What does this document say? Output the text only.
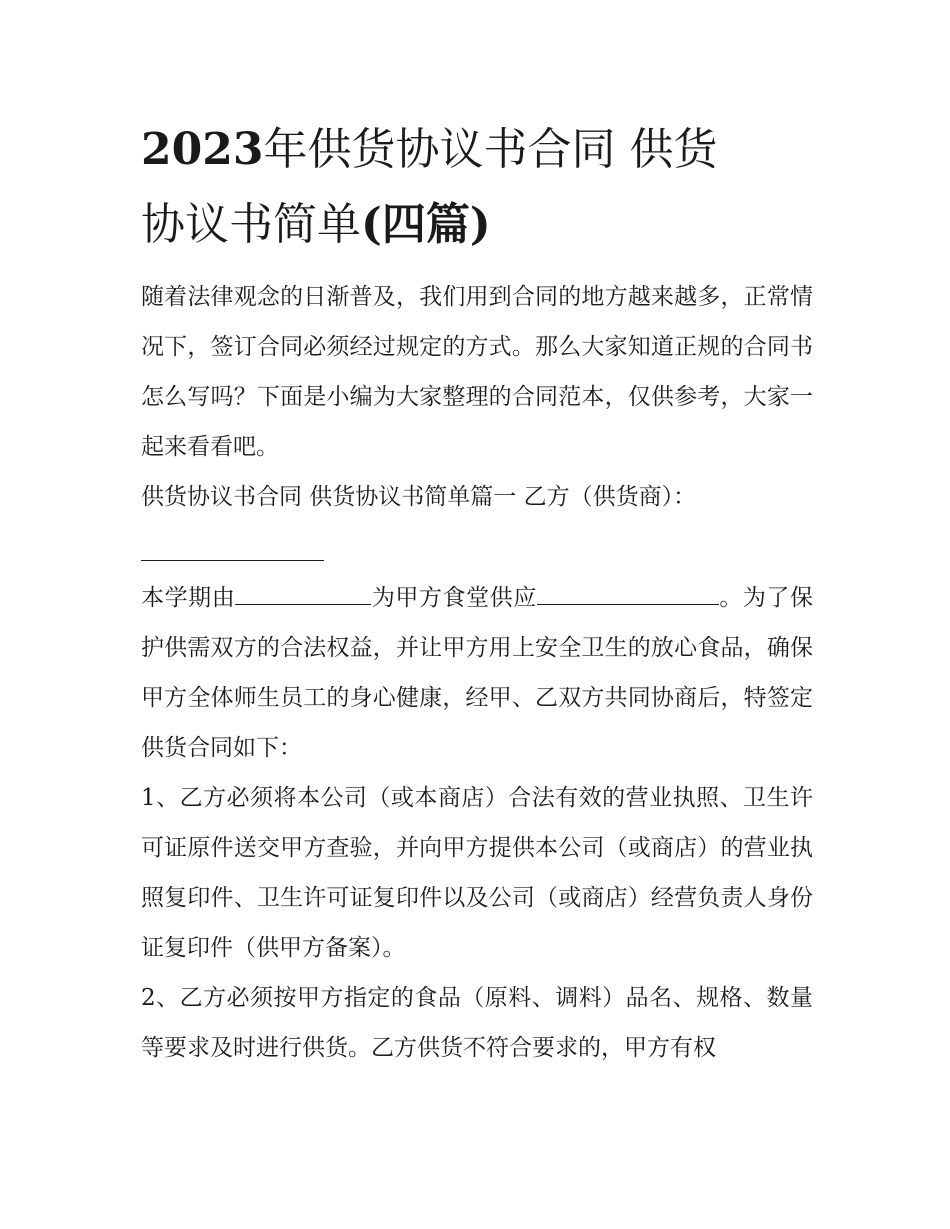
2023年供货协议书合同 供货
协议书简单(四篇)

随着法律观念的日渐普及，我们用到合同的地方越来越多，正常情况下，签订合同必须经过规定的方式。那么大家知道正规的合同书怎么写吗？下面是小编为大家整理的合同范本，仅供参考，大家一起来看看吧。

供货协议书合同 供货协议书简单篇一 乙方（供货商）：

本学期由	为甲方食堂供应	。为了保护供需双方的合法权益，并让甲方用上安全卫生的放心食品，确保甲方全体师生员工的身心健康，经甲、乙双方共同协商后，特签定供货合同如下：

1、乙方必须将本公司（或本商店）合法有效的营业执照、卫生许可证原件送交甲方查验，并向甲方提供本公司（或商店）的营业执照复印件、卫生许可证复印件以及公司（或商店）经营负责人身份证复印件（供甲方备案）。

2、乙方必须按甲方指定的食品（原料、调料）品名、规格、数量等要求及时进行供货。乙方供货不符合要求的，甲方有权
